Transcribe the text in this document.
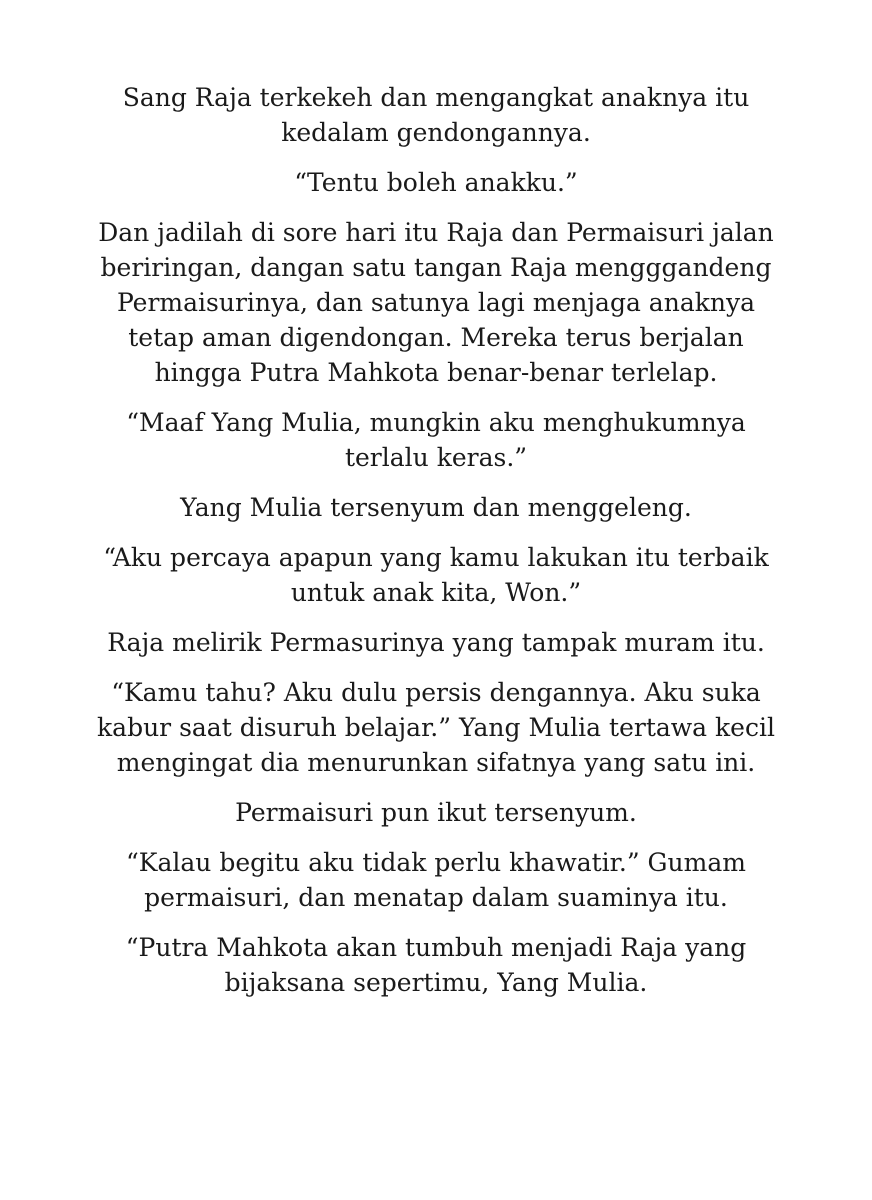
Sang Raja terkekeh dan mengangkat anaknya itu
kedalam gendongannya.

“Tentu boleh anakku.”

Dan jadilah di sore hari itu Raja dan Permaisuri jalan
beriringan, dangan satu tangan Raja mengggandeng
Permaisurinya, dan satunya lagi menjaga anaknya
tetap aman digendongan. Mereka terus berjalan
hingga Putra Mahkota benar-benar terlelap.

“Maaf Yang Mulia, mungkin aku menghukumnya
terlalu keras.”

Yang Mulia tersenyum dan menggeleng.

“Aku percaya apapun yang kamu lakukan itu terbaik
untuk anak kita, Won.”

Raja melirik Permasurinya yang tampak muram itu.

“Kamu tahu? Aku dulu persis dengannya. Aku suka
kabur saat disuruh belajar.” Yang Mulia tertawa kecil
mengingat dia menurunkan sifatnya yang satu ini.

Permaisuri pun ikut tersenyum.

“Kalau begitu aku tidak perlu khawatir.” Gumam
permaisuri, dan menatap dalam suaminya itu.

“Putra Mahkota akan tumbuh menjadi Raja yang
bijaksana sepertimu, Yang Mulia.
